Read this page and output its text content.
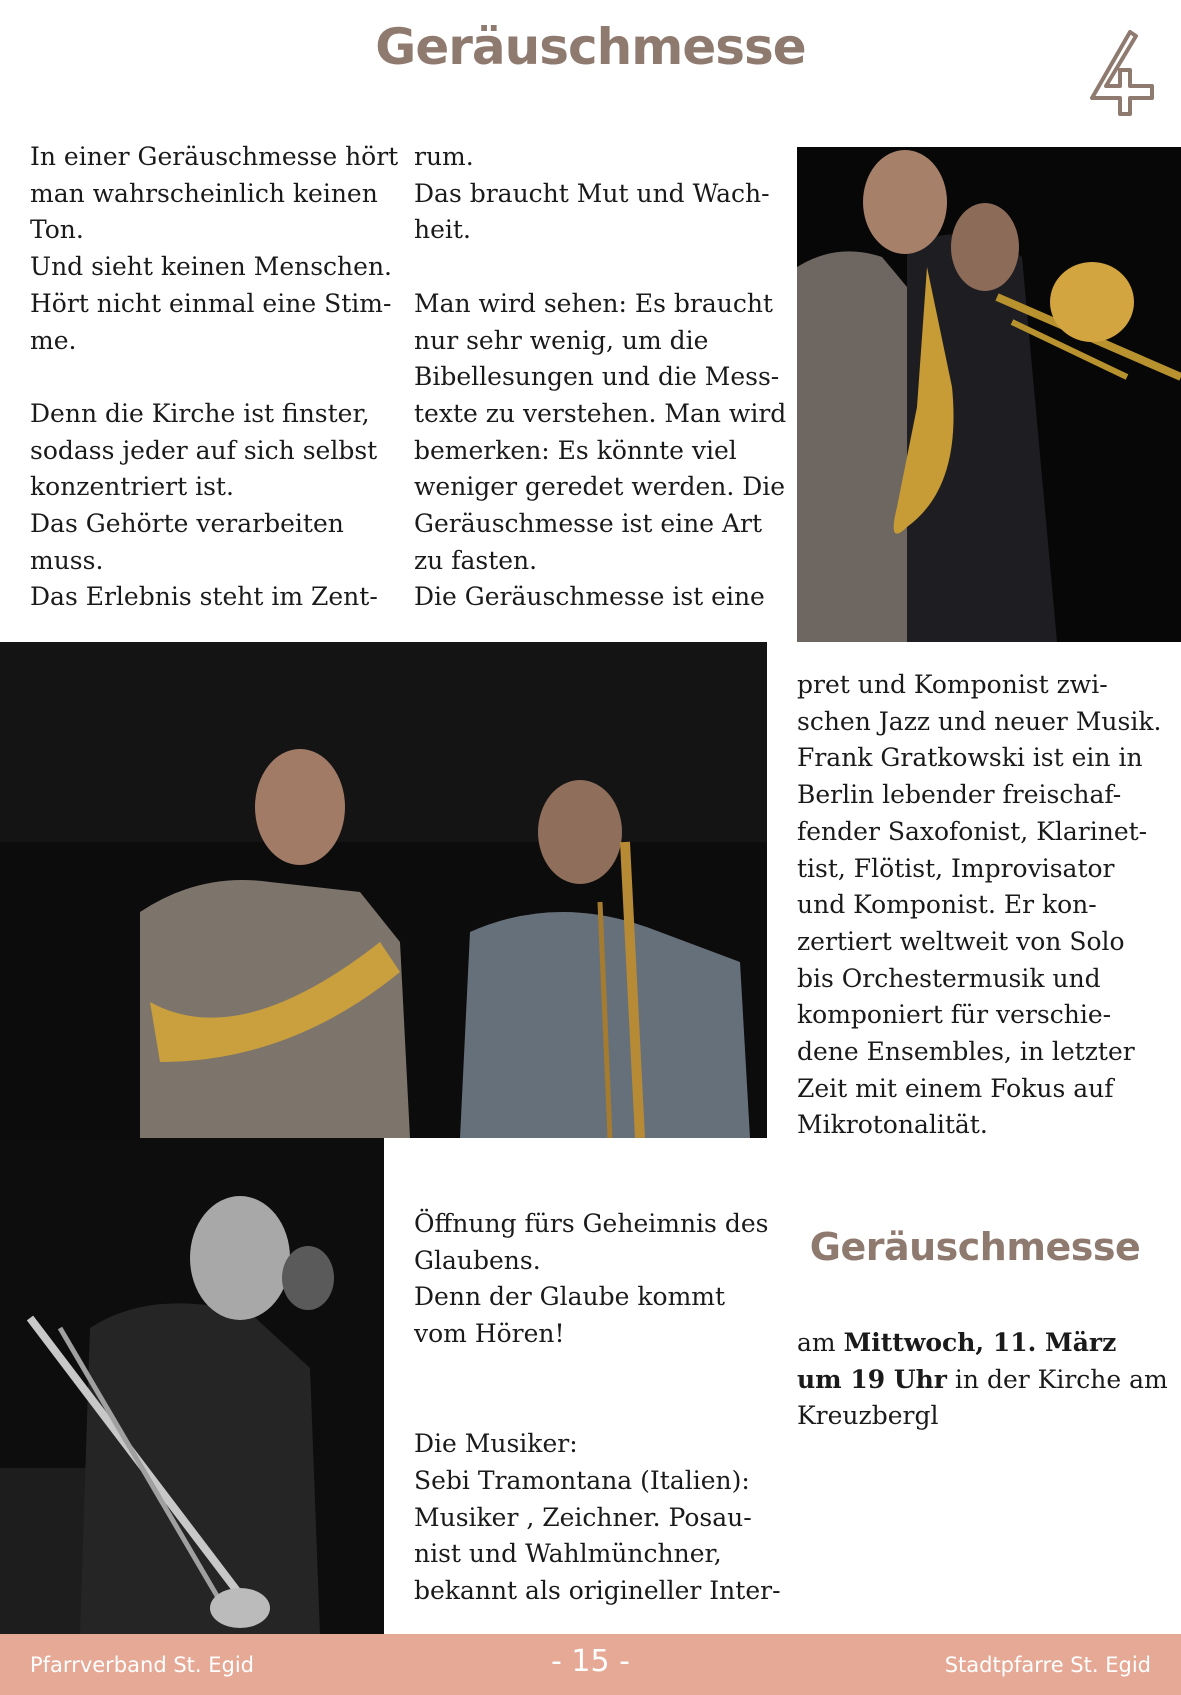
Geräuschmesse

In einer Geräuschmesse hört

man wahrscheinlich keinen

Ton.

Und sieht keinen Menschen.

Hört nicht einmal eine Stim-

me.

Denn die Kirche ist finster,

sodass jeder auf sich selbst

konzentriert ist.

Das Gehörte verarbeiten

muss.

Das Erlebnis steht im Zent-

rum.

Das braucht Mut und Wach-

heit.

Man wird sehen: Es braucht

nur sehr wenig, um die

Bibellesungen und die Mess-

texte zu verstehen. Man wird

bemerken: Es könnte viel

weniger geredet werden. Die

Geräuschmesse ist eine Art

zu fasten.

Die Geräuschmesse ist eine

pret und Komponist zwi-

schen Jazz und neuer Musik.

Frank Gratkowski ist ein in

Berlin lebender freischaf-

fender Saxofonist, Klarinet-

tist, Flötist, Improvisator

und Komponist. Er kon-

zertiert weltweit von Solo

bis Orchestermusik und

komponiert für verschie-

dene Ensembles, in letzter

Zeit mit einem Fokus auf

Mikrotonalität.

Öffnung fürs Geheimnis des

Glaubens.

Denn der Glaube kommt

vom Hören!

Die Musiker:

Sebi Tramontana (Italien):

Musiker , Zeichner. Posau-

nist und Wahlmünchner,

bekannt als origineller Inter-

Geräuschmesse

am Mittwoch, 11. März

um 19 Uhr in der Kirche am

Kreuzbergl

Pfarrverband St. Egid	- 15 -	Stadtpfarre St. Egid
